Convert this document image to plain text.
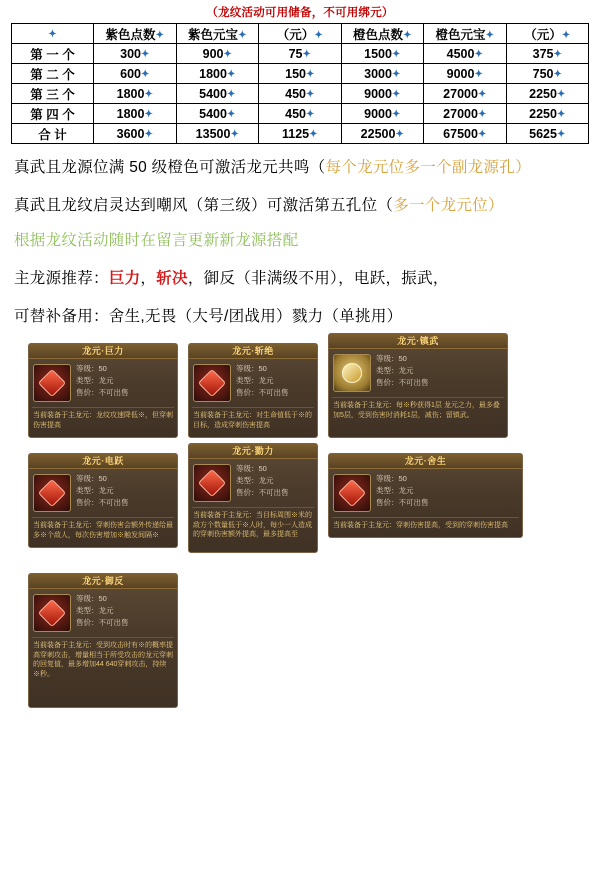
（龙纹活动可用储备，不可用绑元）
✦	紫色点数✦	紫色元宝✦	（元）✦	橙色点数✦	橙色元宝✦	（元）✦
第 一 个	300✦	900✦	75✦	1500✦	4500✦	375✦
第 二 个	600✦	1800✦	150✦	3000✦	9000✦	750✦
第 三 个	1800✦	5400✦	450✦	9000✦	27000✦	2250✦
第 四 个	1800✦	5400✦	450✦	9000✦	27000✦	2250✦
合 计	3600✦	13500✦	1125✦	22500✦	67500✦	5625✦
真武且龙源位满 50 级橙色可激活龙元共鸣（每个龙元位多一个副龙源孔）
真武且龙纹启灵达到嘲风（第三级）可激活第五孔位（多一个龙元位）
根据龙纹活动随时在留言更新新龙源搭配
主龙源推荐：巨力，斩决，御反（非满级不用），电跃，振武，
可替补备用：舍生,无畏（大号/团战用）戮力（单挑用）
龙元·巨力
等级：50
类型：龙元
售价：不可出售
当前装备于主龙元：龙纹攻速降低※，但穿刺伤害提高
龙元·斩绝
等级：50
类型：龙元
售价：不可出售
当前装备于主龙元：对生命值低于※的目标，造成穿刺伤害提高
龙元·镇武
等级：50
类型：龙元
售价：不可出售
当前装备于主龙元：每※秒获得1层 龙元之力，最多叠加5层，受到伤害时消耗1层，减伤；留镇武。
龙元·电跃
等级：50
类型：龙元
售价：不可出售
当前装备于主龙元：穿刺伤害会额外传递给最多※个敌人，每次伤害增加※触发间隔※
龙元·勠力
等级：50
类型：龙元
售价：不可出售
当前装备于主龙元：当目标周围※米的敌方个数量低于※人时，每少一人造成的穿刺伤害额外提高，最多提高至
龙元·舍生
等级：50
类型：龙元
售价：不可出售
当前装备于主龙元：穿刺伤害提高，受到的穿刺伤害提高
龙元·御反
等级：50
类型：龙元
售价：不可出售
当前装备于主龙元：受到攻击时有※的概率提高穿刺攻击，增量相当于所受攻击的龙元穿刺的回复值，最多增加44 640穿刺攻击，持续※秒。
